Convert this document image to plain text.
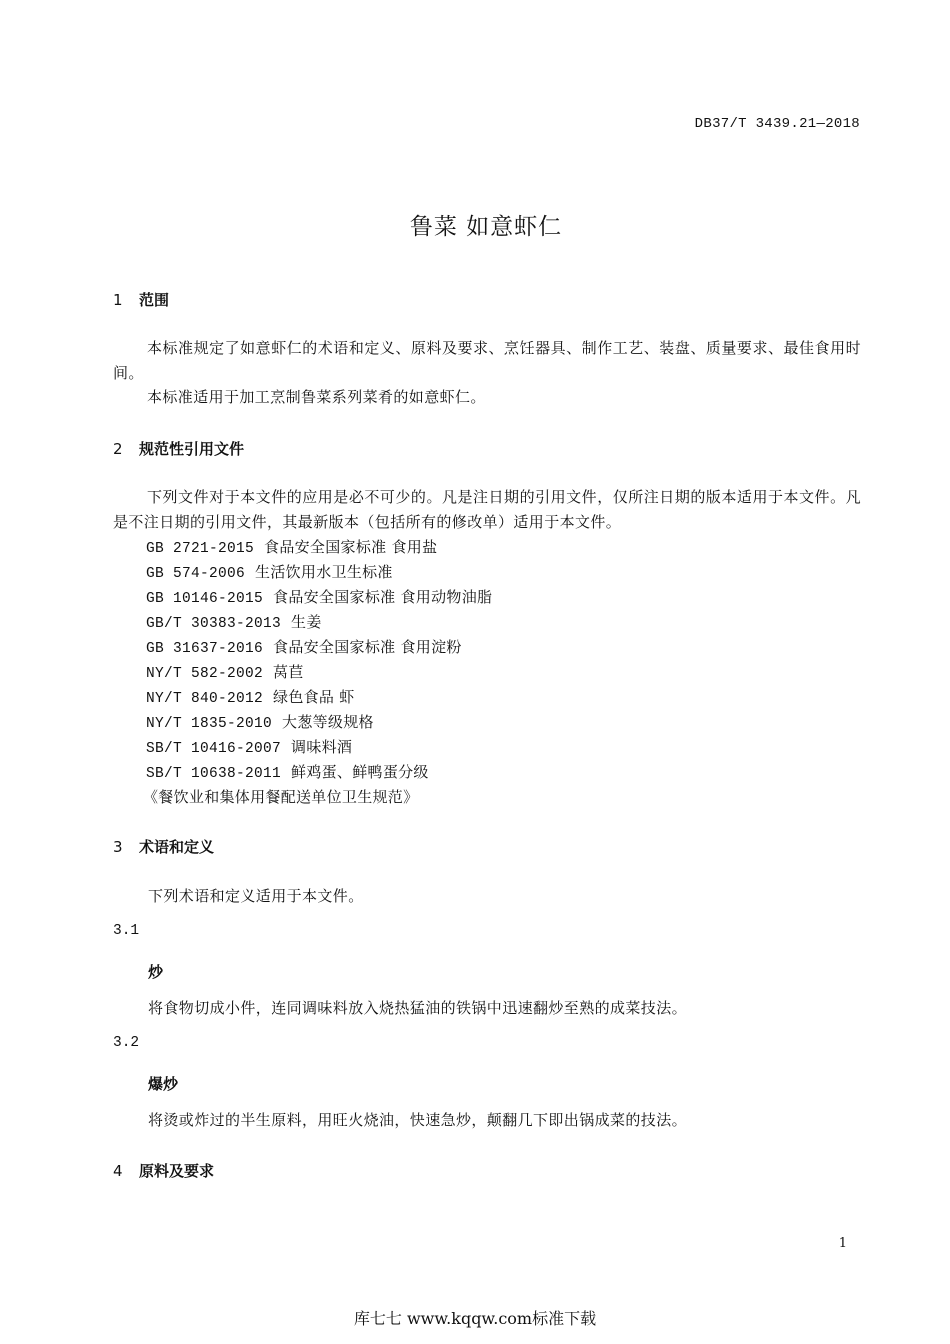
DB37/T 3439.21—2018
鲁菜 如意虾仁
1 范围
本标准规定了如意虾仁的术语和定义、原料及要求、烹饪器具、制作工艺、装盘、质量要求、最佳食用时间。
本标准适用于加工烹制鲁菜系列菜肴的如意虾仁。
2 规范性引用文件
下列文件对于本文件的应用是必不可少的。凡是注日期的引用文件，仅所注日期的版本适用于本文件。凡是不注日期的引用文件，其最新版本（包括所有的修改单）适用于本文件。
GB 2721-2015 食品安全国家标准 食用盐
GB 574-2006 生活饮用水卫生标准
GB 10146-2015 食品安全国家标准 食用动物油脂
GB/T 30383-2013 生姜
GB 31637-2016 食品安全国家标准 食用淀粉
NY/T 582-2002 莴苣
NY/T 840-2012 绿色食品 虾
NY/T 1835-2010 大葱等级规格
SB/T 10416-2007 调味料酒
SB/T 10638-2011 鲜鸡蛋、鲜鸭蛋分级
《餐饮业和集体用餐配送单位卫生规范》
3 术语和定义
下列术语和定义适用于本文件。
3.1
炒
将食物切成小件，连同调味料放入烧热猛油的铁锅中迅速翻炒至熟的成菜技法。
3.2
爆炒
将烫或炸过的半生原料，用旺火烧油，快速急炒，颠翻几下即出锅成菜的技法。
4 原料及要求
1
库七七 www.kqqw.com标准下载
